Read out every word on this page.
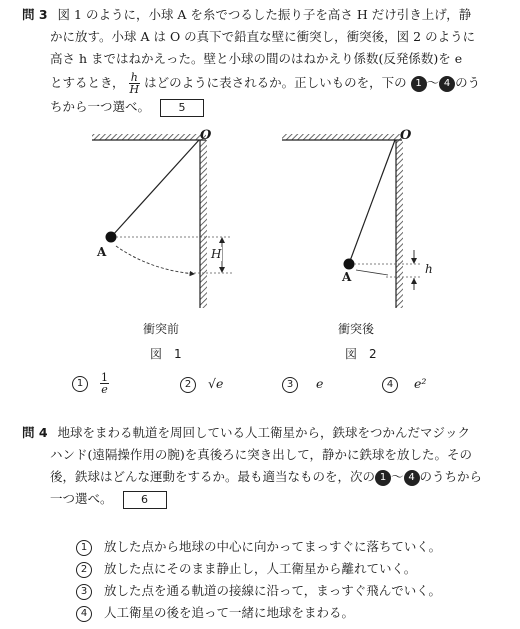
問 3 図 1 のように，小球 A を糸でつるした振り子を高さ H だけ引き上げ，静
かに放す。小球 A は O の真下で鉛直な壁に衝突し，衝突後，図 2 のように
高さ h まではねかえった。壁と小球の間のはねかえり係数(反発係数)を e
とするとき， $\frac{h}{H}$ はどのように表されるか。正しいものを，下の 1 ～ 4 のう
ちから一つ選べ。	5
O
A	H
O
A
h
衝突前
図　1
衝突後
図　2
$1 \frac{1}{e}$	2 √e	3 e	4 e²
問 4 地球をまわる軌道を周回している人工衛星から，鉄球をつかんだマジック
ハンド(遠隔操作用の腕)を真後ろに突き出して，静かに鉄球を放した。その
後，鉄球はどんな運動をするか。最も適当なものを，次の 1 ～ 4 のうちから
一つ選べ。	6
1 放した点から地球の中心に向かってまっすぐに落ちていく。
2 放した点にそのまま静止し，人工衛星から離れていく。
3 放した点を通る軌道の接線に沿って，まっすぐ飛んでいく。
4 人工衛星の後を追って一緒に地球をまわる。
